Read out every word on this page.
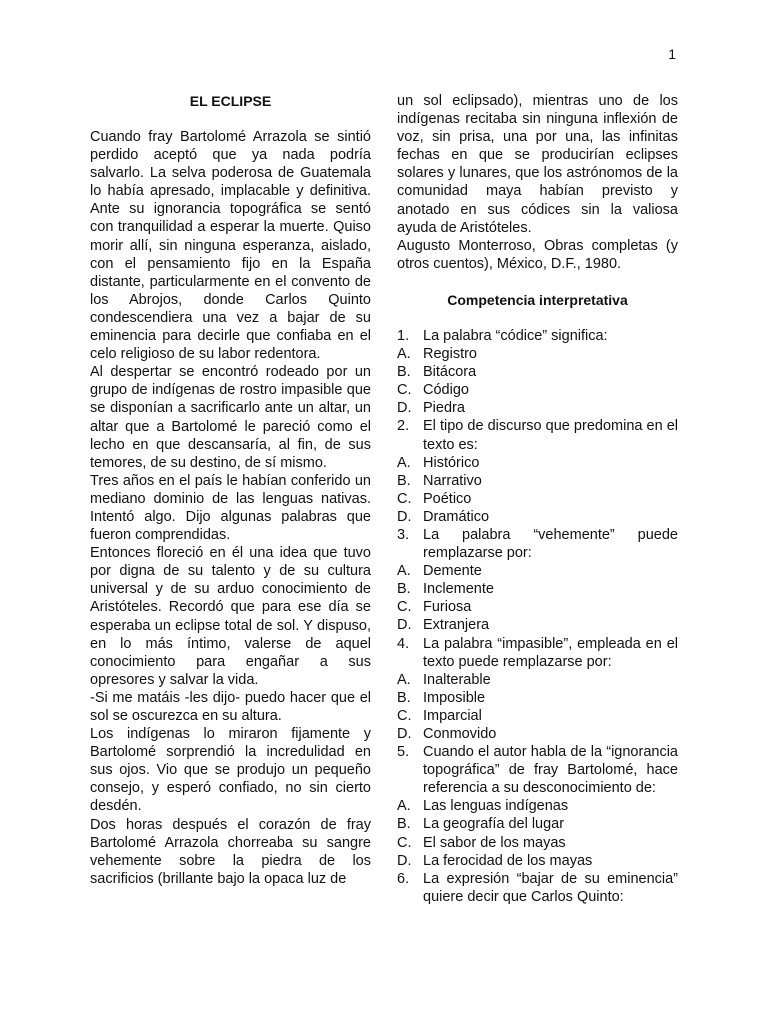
1
EL ECLIPSE

Cuando fray Bartolomé Arrazola se sintió perdido aceptó que ya nada podría salvarlo. La selva poderosa de Guatemala lo había apresado, implacable y definitiva. Ante su ignorancia topográfica se sentó con tranquilidad a esperar la muerte. Quiso morir allí, sin ninguna esperanza, aislado, con el pensamiento fijo en la España distante, particularmente en el convento de los Abrojos, donde Carlos Quinto condescendiera una vez a bajar de su eminencia para decirle que confiaba en el celo religioso de su labor redentora.

Al despertar se encontró rodeado por un grupo de indígenas de rostro impasible que se disponían a sacrificarlo ante un altar, un altar que a Bartolomé le pareció como el lecho en que descansaría, al fin, de sus temores, de su destino, de sí mismo.

Tres años en el país le habían conferido un mediano dominio de las lenguas nativas. Intentó algo. Dijo algunas palabras que fueron comprendidas.

Entonces floreció en él una idea que tuvo por digna de su talento y de su cultura universal y de su arduo conocimiento de Aristóteles. Recordó que para ese día se esperaba un eclipse total de sol. Y dispuso, en lo más íntimo, valerse de aquel conocimiento para engañar a sus opresores y salvar la vida.

-Si me matáis -les dijo- puedo hacer que el sol se oscurezca en su altura.

Los indígenas lo miraron fijamente y Bartolomé sorprendió la incredulidad en sus ojos. Vio que se produjo un pequeño consejo, y esperó confiado, no sin cierto desdén.

Dos horas después el corazón de fray Bartolomé Arrazola chorreaba su sangre vehemente sobre la piedra de los sacrificios (brillante bajo la opaca luz de

un sol eclipsado), mientras uno de los indígenas recitaba sin ninguna inflexión de voz, sin prisa, una por una, las infinitas fechas en que se producirían eclipses solares y lunares, que los astrónomos de la comunidad maya habían previsto y anotado en sus códices sin la valiosa ayuda de Aristóteles.

Augusto Monterroso, Obras completas (y otros cuentos), México, D.F., 1980.

Competencia interpretativa
1. La palabra “códice” significa:
A. Registro
B. Bitácora
C. Código
D. Piedra
2. El tipo de discurso que predomina en el texto es:
A. Histórico
B. Narrativo
C. Poético
D. Dramático
3. La palabra “vehemente” puede remplazarse por:
A. Demente
B. Inclemente
C. Furiosa
D. Extranjera
4. La palabra “impasible”, empleada en el texto puede remplazarse por:
A. Inalterable
B. Imposible
C. Imparcial
D. Conmovido
5. Cuando el autor habla de la “ignorancia topográfica” de fray Bartolomé, hace referencia a su desconocimiento de:
A. Las lenguas indígenas
B. La geografía del lugar
C. El sabor de los mayas
D. La ferocidad de los mayas
6. La expresión “bajar de su eminencia” quiere decir que Carlos Quinto:
